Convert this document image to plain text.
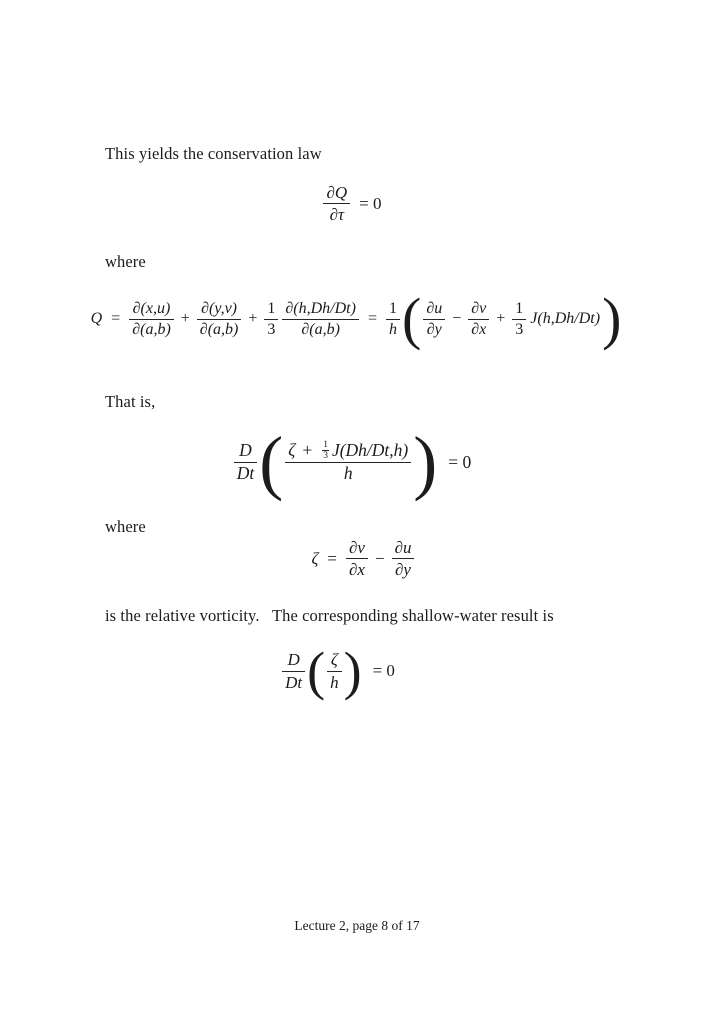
This yields the conservation law
$\frac{\partial Q}{\partial\tau} = 0$
where
$Q = \frac{\partial(x,u)}{\partial(a,b)} + \frac{\partial(y,v)}{\partial(a,b)} + \frac{1}{3} \frac{\partial(h,Dh/Dt)}{\partial(a,b)} = \frac{1}{h}$ ( $\frac{\partial u}{\partial y} - \frac{\partial v}{\partial x} + \frac{1}{3} J(h,Dh/Dt)$ )
That is,
$\frac{D}{Dt}$ ( $\zeta + \frac{1}{3} J(Dh/Dt,h)$
h ) = 0
where
$\zeta = \frac{\partial v}{\partial x} - \frac{\partial u}{\partial y}$
is the relative vorticity.   The corresponding shallow-water result is
$\frac{D}{Dt}$ ( $\frac{\zeta}{h}$ ) = 0
Lecture 2, page 8 of 17
